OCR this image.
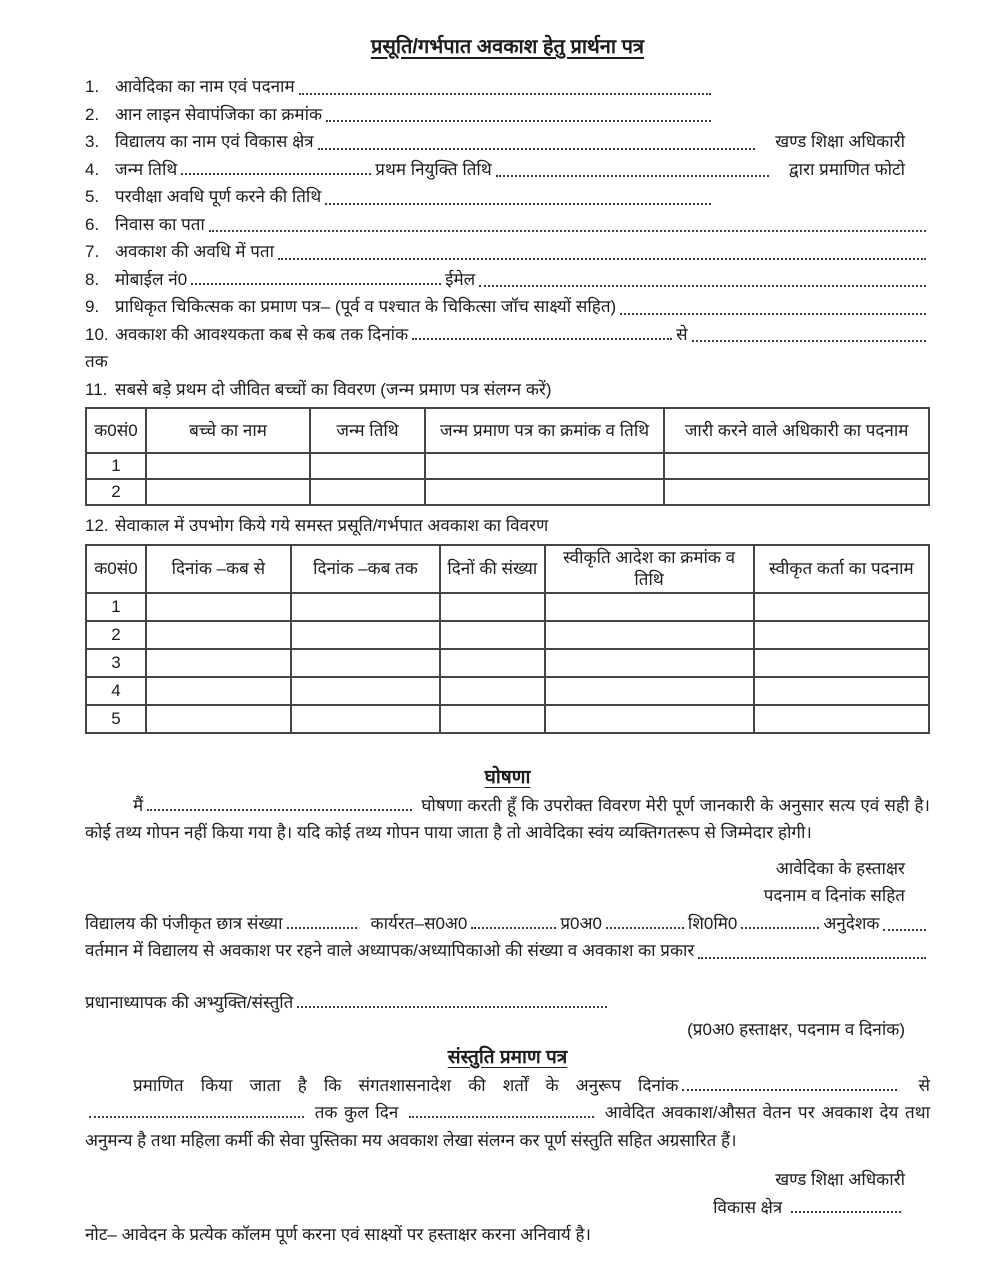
प्रसूति/गर्भपात अवकाश हेतु प्रार्थना पत्र
1. आवेदिका का नाम एवं पदनाम
2. आन लाइन सेवापंजिका का क्रमांक
3. विद्यालय का नाम एवं विकास क्षेत्र	खण्ड शिक्षा अधिकारी
4. जन्म तिथि	प्रथम नियुक्ति तिथि	द्वारा प्रमाणित फोटो
5. परवीक्षा अवधि पूर्ण करने की तिथि
6. निवास का पता
7. अवकाश की अवधि में पता
8. मोबाईल नं0	ईमेल
9. प्राधिकृत चिकित्सक का प्रमाण पत्र– (पूर्व व पश्चात के चिकित्सा जॉच साक्ष्यों सहित)
10. अवकाश की आवश्यकता कब से कब तक दिनांक	से
तक
11. सबसे बड़े प्रथम दो जीवित बच्चों का विवरण (जन्म प्रमाण पत्र संलग्न करें)
क0सं0	बच्चे का नाम	जन्म तिथि	जन्म प्रमाण पत्र का क्रमांक व तिथि	जारी करने वाले अधिकारी का पदनाम
1				
2				
12. सेवाकाल में उपभोग किये गये समस्त प्रसूति/गर्भपात अवकाश का विवरण
क0सं0	दिनांक –कब से	दिनांक –कब तक	दिनों की संख्या	स्वीकृति आदेश का क्रमांक व तिथि	स्वीकृत कर्ता का पदनाम
1					
2					
3					
4					
5					
घोषणा

मैं	घोषणा करती हूँ कि उपरोक्त विवरण मेरी पूर्ण जानकारी के अनुसार सत्य एवं सही है। कोई तथ्य गोपन नहीं किया गया है। यदि कोई तथ्य गोपन पाया जाता है तो आवेदिका स्वंय व्यक्तिगतरूप से जिम्मेदार होगी।

आवेदिका के हस्ताक्षर
पदनाम व दिनांक सहित
विद्यालय की पंजीकृत छात्र संख्या	कार्यरत–स0अ0	प्र0अ0	शि0मि0	अनुदेशक
वर्तमान में विद्यालय से अवकाश पर रहने वाले अध्यापक/अध्यापिकाओ की संख्या व अवकाश का प्रकार
प्रधानाध्यापक की अभ्युक्ति/संस्तुति
(प्र0अ0 हस्ताक्षर, पदनाम व दिनांक)
संस्तुति प्रमाण पत्र

प्रमाणित किया जाता है कि संगतशासनादेश की शर्तों के अनुरूप दिनांक	से  तक कुल दिन	आवेदित अवकाश/औसत वेतन पर अवकाश देय तथा अनुमन्य है तथा महिला कर्मी की सेवा पुस्तिका मय अवकाश लेखा संलग्न कर पूर्ण संस्तुति सहित अग्रसारित हैं।

खण्ड शिक्षा अधिकारी
विकास क्षेत्र
नोट– आवेदन के प्रत्येक कॉलम पूर्ण करना एवं साक्ष्यों पर हस्ताक्षर करना अनिवार्य है।
